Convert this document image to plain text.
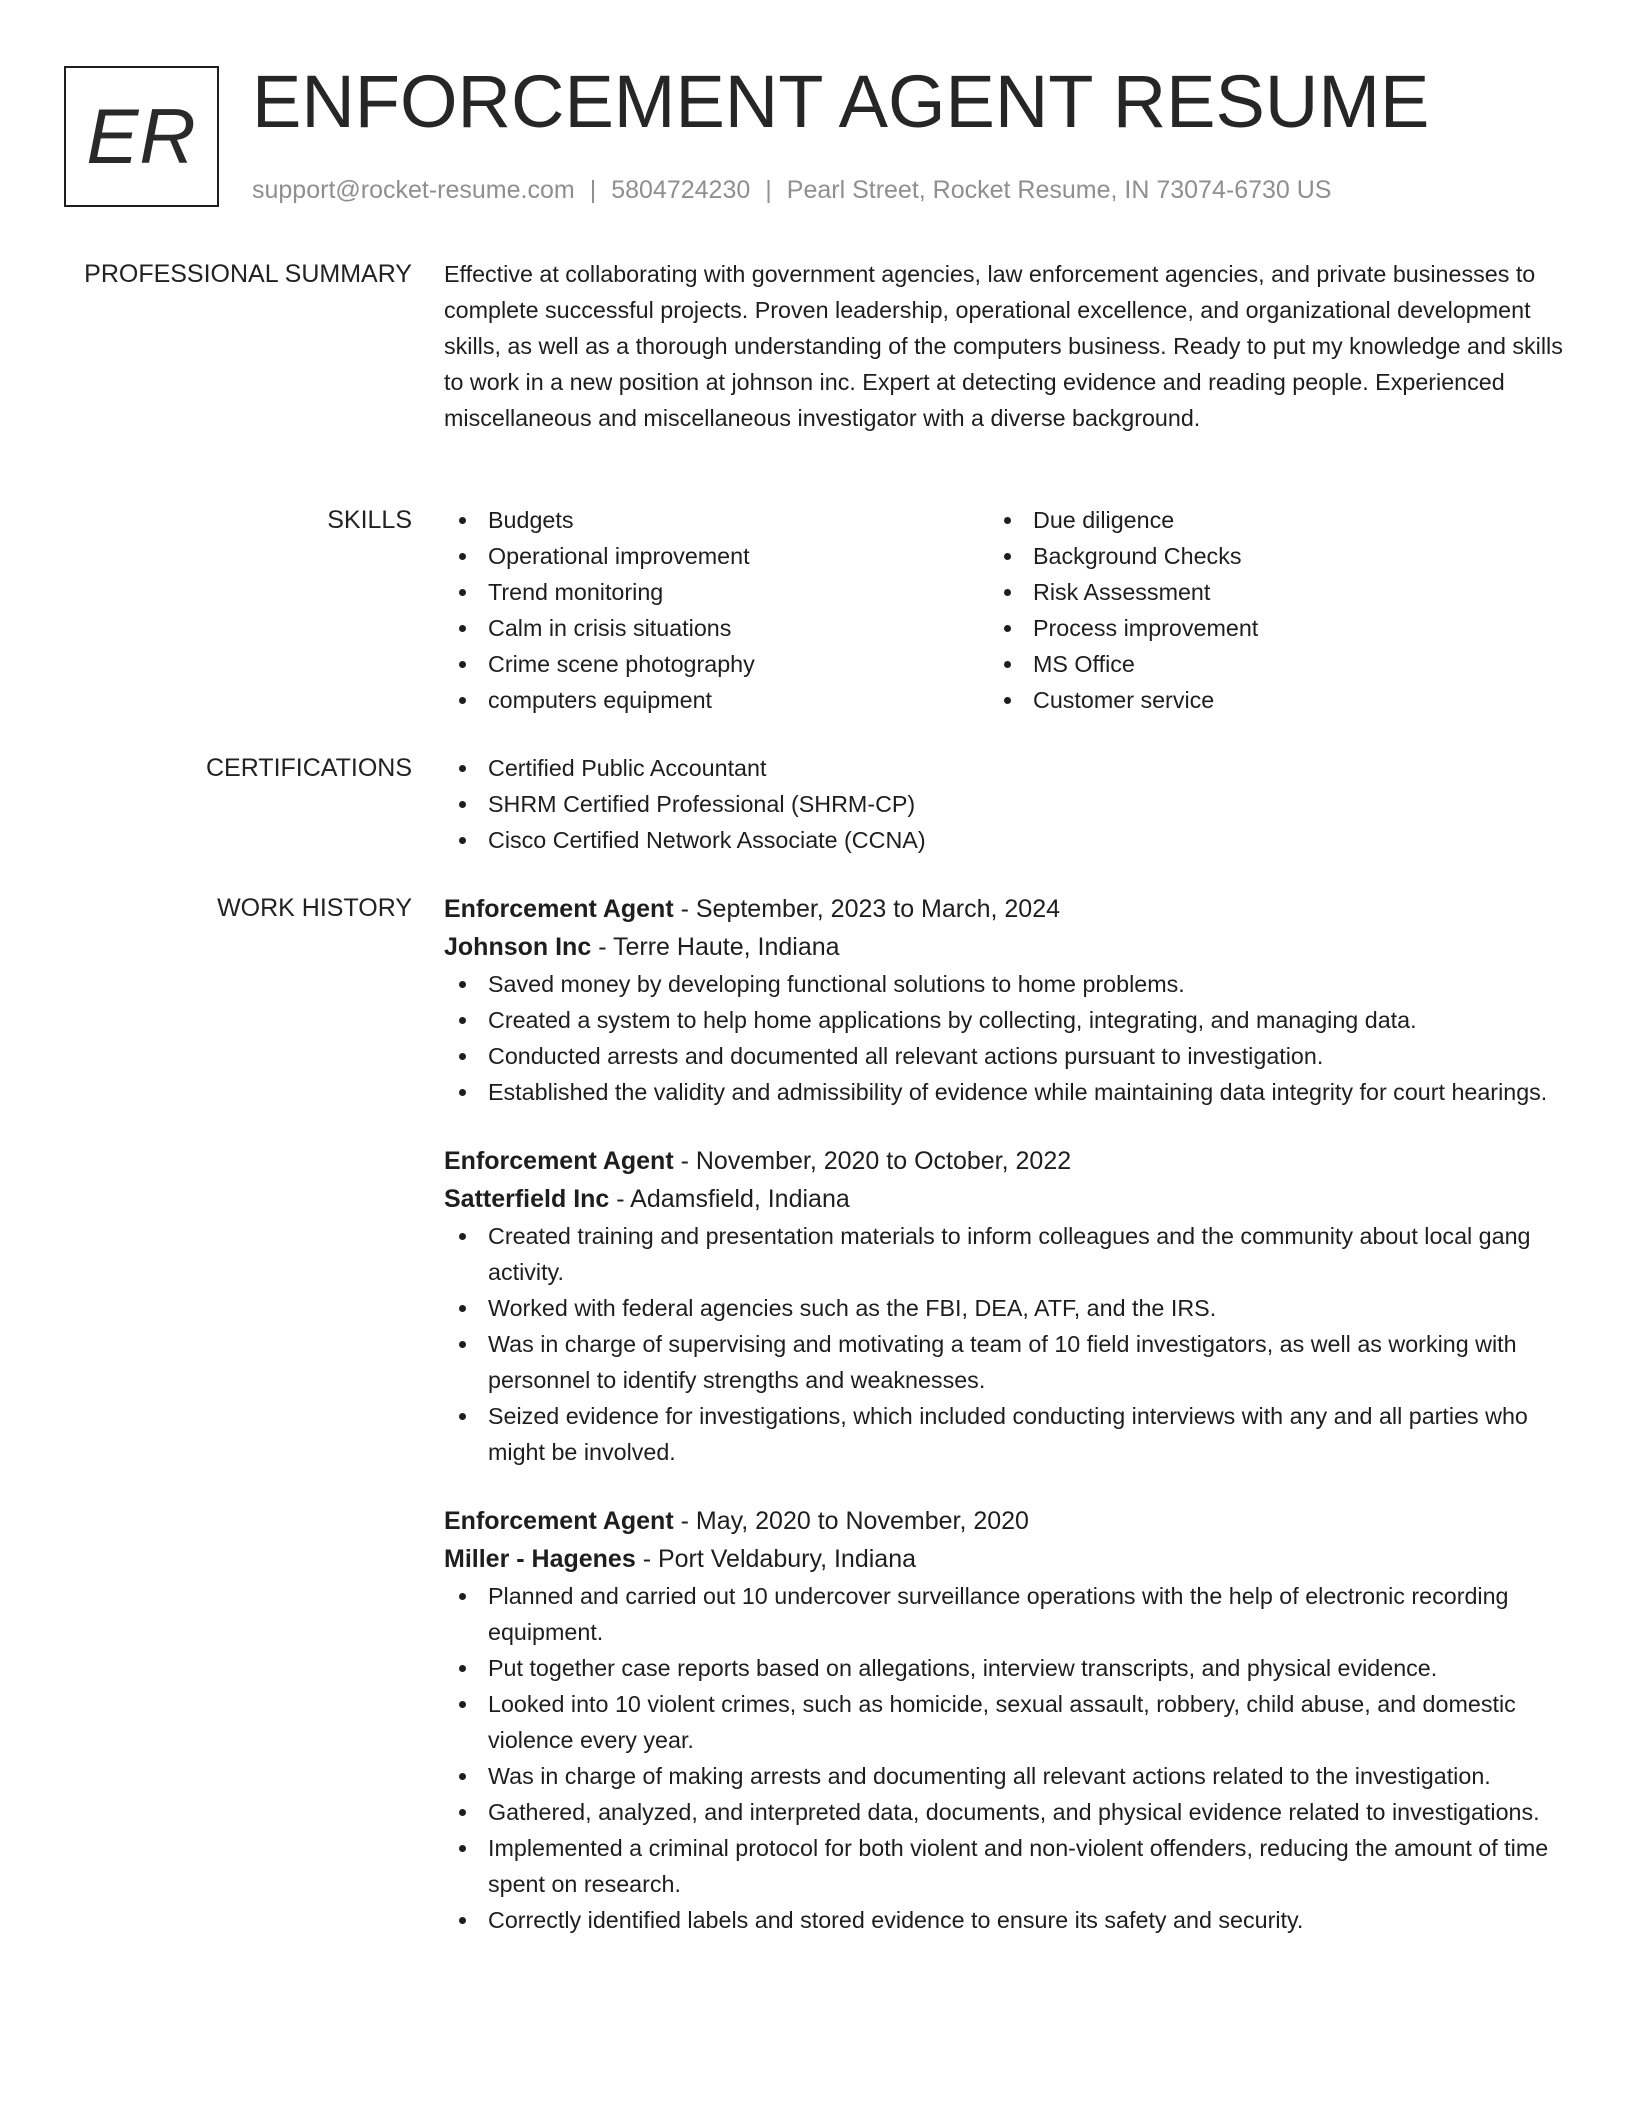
ER ENFORCEMENT AGENT RESUME
support@rocket-resume.com | 5804724230 | Pearl Street, Rocket Resume, IN 73074-6730 US
PROFESSIONAL SUMMARY Effective at collaborating with government agencies, law enforcement agencies, and private businesses to complete successful projects. Proven leadership, operational excellence, and organizational development skills, as well as a thorough understanding of the computers business. Ready to put my knowledge and skills to work in a new position at johnson inc. Expert at detecting evidence and reading people. Experienced miscellaneous and miscellaneous investigator with a diverse background.

SKILLS	Budgets
Operational improvement
Trend monitoring
Calm in crisis situations
Crime scene photography
computers equipment
Due diligence
Background Checks
Risk Assessment
Process improvement
MS Office
Customer service
CERTIFICATIONS	Certified Public Accountant
SHRM Certified Professional (SHRM-CP)
Cisco Certified Network Associate (CCNA)
WORK HISTORY Enforcement Agent - September, 2023 to March, 2024
Johnson Inc - Terre Haute, Indiana
Saved money by developing functional solutions to home problems.
Created a system to help home applications by collecting, integrating, and managing data.
Conducted arrests and documented all relevant actions pursuant to investigation.
Established the validity and admissibility of evidence while maintaining data integrity for court hearings.
Enforcement Agent - November, 2020 to October, 2022
Satterfield Inc - Adamsfield, Indiana
Created training and presentation materials to inform colleagues and the community about local gang activity.
Worked with federal agencies such as the FBI, DEA, ATF, and the IRS.
Was in charge of supervising and motivating a team of 10 field investigators, as well as working with personnel to identify strengths and weaknesses.
Seized evidence for investigations, which included conducting interviews with any and all parties who might be involved.
Enforcement Agent - May, 2020 to November, 2020
Miller - Hagenes - Port Veldabury, Indiana
Planned and carried out 10 undercover surveillance operations with the help of electronic recording equipment.
Put together case reports based on allegations, interview transcripts, and physical evidence.
Looked into 10 violent crimes, such as homicide, sexual assault, robbery, child abuse, and domestic violence every year.
Was in charge of making arrests and documenting all relevant actions related to the investigation.
Gathered, analyzed, and interpreted data, documents, and physical evidence related to investigations.
Implemented a criminal protocol for both violent and non-violent offenders, reducing the amount of time spent on research.
Correctly identified labels and stored evidence to ensure its safety and security.
